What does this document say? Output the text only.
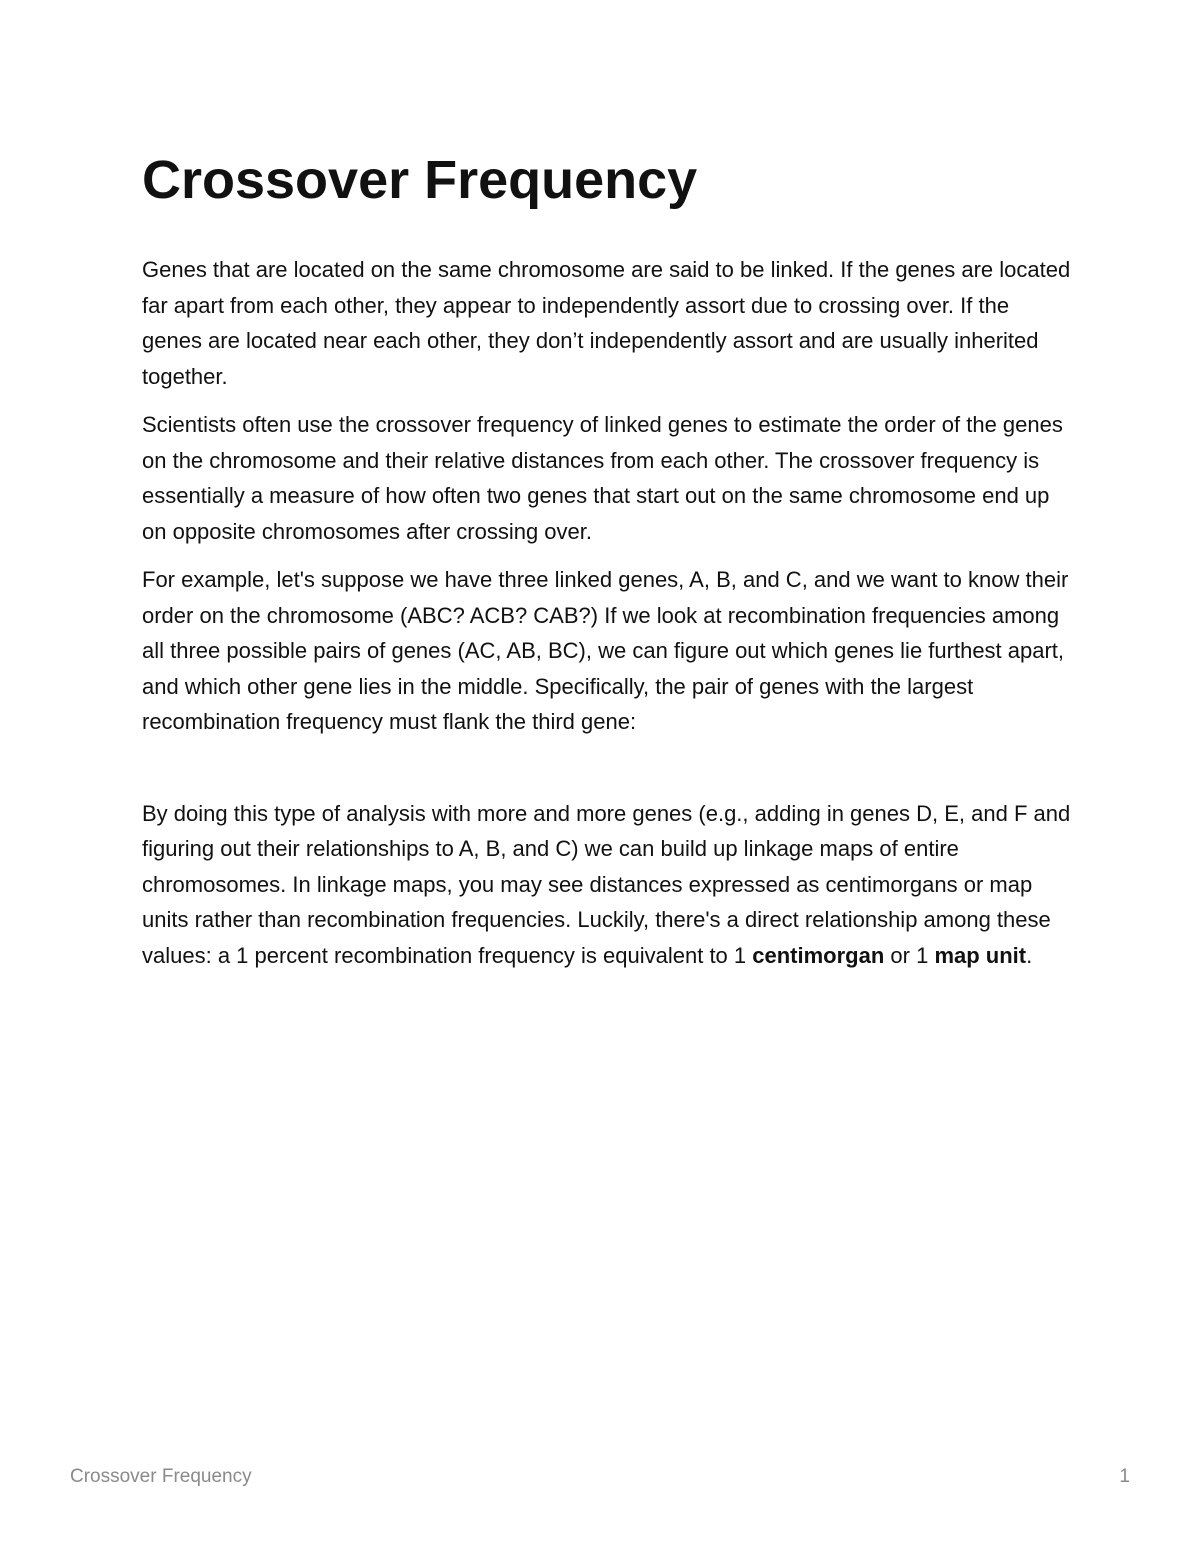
Crossover Frequency

Genes that are located on the same chromosome are said to be linked. If the genes are located far apart from each other, they appear to independently assort due to crossing over. If the genes are located near each other, they don’t independently assort and are usually inherited together.

Scientists often use the crossover frequency of linked genes to estimate the order of the genes on the chromosome and their relative distances from each other. The crossover frequency is essentially a measure of how often two genes that start out on the same chromosome end up on opposite chromosomes after crossing over.

For example, let's suppose we have three linked genes, A, B, and C, and we want to know their order on the chromosome (ABC? ACB? CAB?) If we look at recombination frequencies among all three possible pairs of genes (AC, AB, BC), we can figure out which genes lie furthest apart, and which other gene lies in the middle. Specifically, the pair of genes with the largest recombination frequency must flank the third gene:

By doing this type of analysis with more and more genes (e.g., adding in genes D, E, and F and figuring out their relationships to A, B, and C) we can build up linkage maps of entire chromosomes. In linkage maps, you may see distances expressed as centimorgans or map units rather than recombination frequencies. Luckily, there's a direct relationship among these values: a 1 percent recombination frequency is equivalent to 1 centimorgan or 1 map unit.

Crossover Frequency	1
